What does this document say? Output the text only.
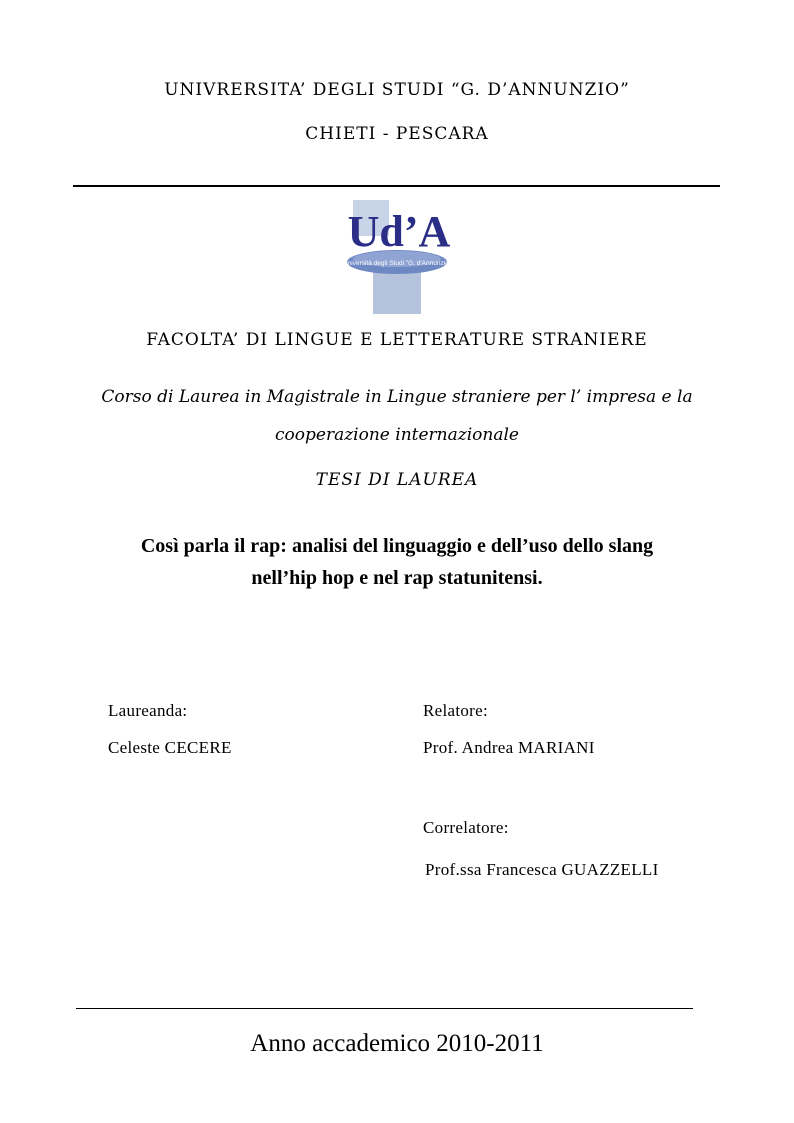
UNIVRERSITA’ DEGLI STUDI “G. D’ANNUNZIO”
CHIETI - PESCARA
Università degli Studi "G. d'Annunzio"
Ud’A
FACOLTA’ DI LINGUE E LETTERATURE STRANIERE
Corso di Laurea in Magistrale in Lingue straniere per l’ impresa e la
cooperazione internazionale
TESI DI LAUREA
Così parla il rap: analisi del linguaggio e dell’uso dello slang
nell’hip hop e nel rap statunitensi.
Laureanda:
Celeste CECERE
Relatore:
Prof. Andrea MARIANI
Correlatore:
Prof.ssa Francesca GUAZZELLI
Anno accademico 2010-2011
